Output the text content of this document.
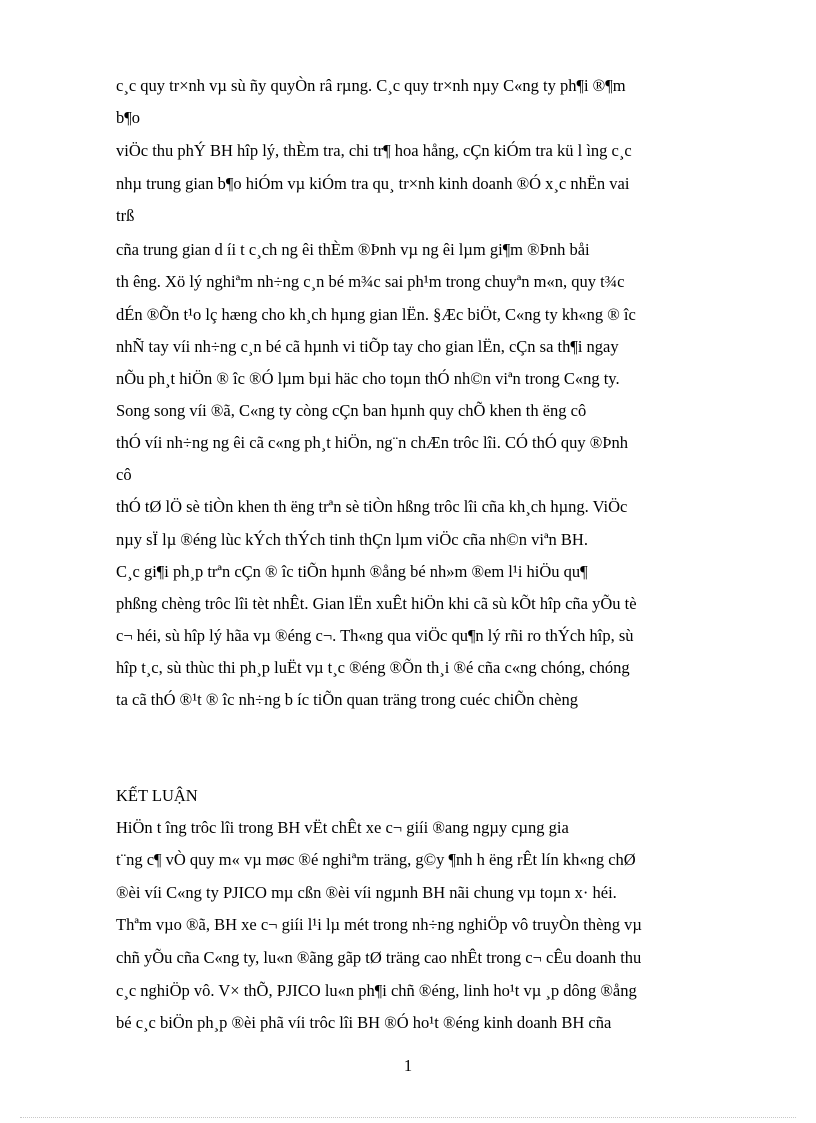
c¸c quy tr×nh vµ sù ñy quyÒn râ rµng. C¸c quy tr×nh nµy C«ng ty ph¶i ®¶m
b¶o
viÖc thu phÝ BH hîp lý, thÈm tra, chi tr¶ hoa hång, cÇn kiÓm tra kü l ìng c¸c
nhµ trung gian b¶o hiÓm vµ kiÓm tra qu¸ tr×nh kinh doanh ®Ó x¸c nhËn vai
trß
cña trung gian d íi t c¸ch ng êi thÈm ®Þnh vµ ng êi lµm gi¶m ®Þnh båi
th êng. Xö lý nghiªm nh÷ng c¸n bé m¾c sai ph¹m trong chuyªn m«n, quy t¾c
dÉn ®Õn t¹o lç hæng cho kh¸ch hµng gian lËn. §Æc biÖt, C«ng ty kh«ng ® îc
nhÑ tay víi nh÷ng c¸n bé cã hµnh vi tiÕp tay cho gian lËn, cÇn sa th¶i ngay
nÕu ph¸t hiÖn ® îc ®Ó lµm bµi häc cho toµn thÓ nh©n viªn trong C«ng ty.
Song song víi ®ã, C«ng ty còng cÇn ban hµnh quy chÕ khen th ëng cô
thÓ víi nh÷ng ng êi cã c«ng ph¸t hiÖn, ng¨n chÆn trôc lîi. CÓ thÓ quy ®Þnh
cô
thÓ tØ lÖ sè tiÒn khen th ëng trªn sè tiÒn hßng trôc lîi cña kh¸ch hµng. ViÖc
nµy sÏ lµ ®éng lùc kÝch thÝch tinh thÇn lµm viÖc cña nh©n viªn BH.
C¸c gi¶i ph¸p trªn cÇn ® îc tiÕn hµnh ®ång bé nh»m ®em l¹i hiÖu qu¶
phßng chèng trôc lîi tèt nhÊt. Gian lËn xuÊt hiÖn khi cã sù kÕt hîp cña yÕu tè
c¬ héi, sù hîp lý hãa vµ ®éng c¬. Th«ng qua viÖc qu¶n lý rñi ro thÝch hîp, sù
hîp t¸c, sù thùc thi ph¸p luËt vµ t¸c ®éng ®Õn th¸i ®é cña c«ng chóng, chóng
ta cã thÓ ®¹t ® îc nh÷ng b íc tiÕn quan träng trong cuéc chiÕn chèng
KẾT LUẬN
HiÖn t îng trôc lîi trong BH vËt chÊt xe c¬ giíi ®ang ngµy cµng gia
t¨ng c¶ vÒ quy m« vµ møc ®é nghiªm träng, g©y ¶nh h ëng rÊt lín kh«ng chØ
®èi víi C«ng ty PJICO mµ cßn ®èi víi ngµnh BH nãi chung vµ toµn x· héi.
Thªm vµo ®ã, BH xe c¬ giíi l¹i lµ mét trong nh÷ng nghiÖp vô truyÒn thèng vµ
chñ yÕu cña C«ng ty, lu«n ®ãng gãp tØ träng cao nhÊt trong c¬ cÊu doanh thu
c¸c nghiÖp vô. V× thÕ, PJICO lu«n ph¶i chñ ®éng, linh ho¹t vµ ¸p dông ®ång
bé c¸c biÖn ph¸p ®èi phã víi trôc lîi BH ®Ó ho¹t ®éng kinh doanh BH cña
1
